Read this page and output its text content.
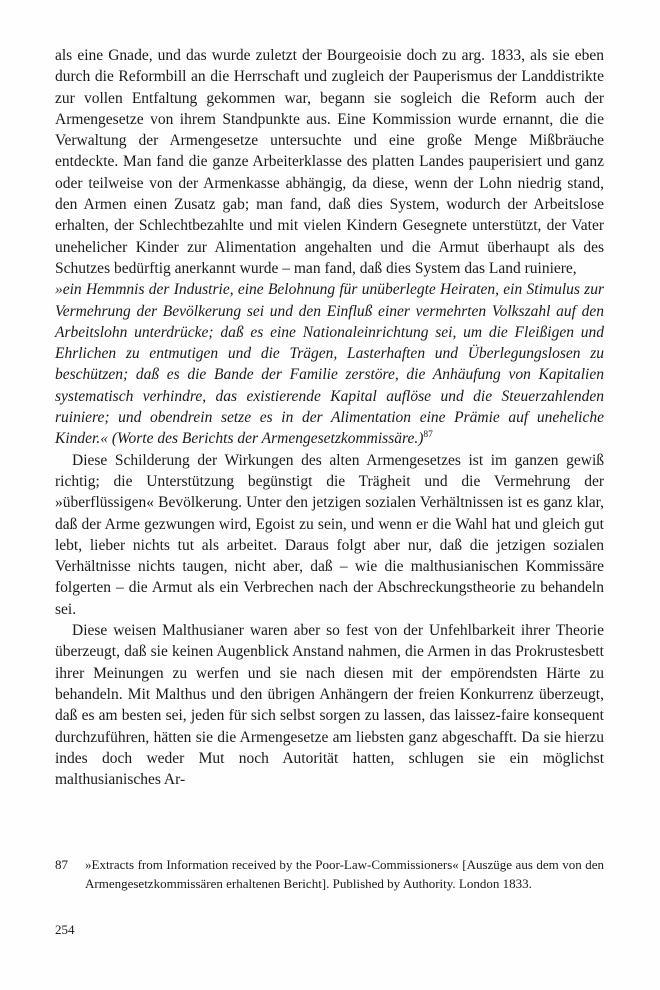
als eine Gnade, und das wurde zuletzt der Bourgeoisie doch zu arg. 1833, als sie eben durch die Reformbill an die Herrschaft und zugleich der Pauperismus der Landdistrikte zur vollen Entfaltung gekommen war, begann sie sogleich die Reform auch der Armengesetze von ihrem Standpunkte aus. Eine Kommission wurde ernannt, die die Verwaltung der Armengesetze untersuchte und eine große Menge Mißbräuche entdeckte. Man fand die ganze Arbeiterklasse des platten Landes pauperisiert und ganz oder teilweise von der Armenkasse abhängig, da diese, wenn der Lohn niedrig stand, den Armen einen Zusatz gab; man fand, daß dies System, wodurch der Arbeitslose erhalten, der Schlechtbezahlte und mit vielen Kindern Gesegnete unterstützt, der Vater unehelicher Kinder zur Alimentation angehalten und die Armut überhaupt als des Schutzes bedürftig anerkannt wurde – man fand, daß dies System das Land ruiniere,

»ein Hemmnis der Industrie, eine Belohnung für unüberlegte Heiraten, ein Stimulus zur Vermehrung der Bevölkerung sei und den Einfluß einer vermehrten Volkszahl auf den Arbeitslohn unterdrücke; daß es eine Nationaleinrichtung sei, um die Fleißigen und Ehrlichen zu entmutigen und die Trägen, Lasterhaften und Überlegungslosen zu beschützen; daß es die Bande der Familie zerstöre, die Anhäufung von Kapitalien systematisch verhindre, das existierende Kapital auflöse und die Steuerzahlenden ruiniere; und obendrein setze es in der Alimentation eine Prämie auf uneheliche Kinder.« (Worte des Berichts der Armengesetzkommissäre.)$^{87}$

Diese Schilderung der Wirkungen des alten Armengesetzes ist im ganzen gewiß richtig; die Unterstützung begünstigt die Trägheit und die Vermehrung der »überflüssigen« Bevölkerung. Unter den jetzigen sozialen Verhältnissen ist es ganz klar, daß der Arme gezwungen wird, Egoist zu sein, und wenn er die Wahl hat und gleich gut lebt, lieber nichts tut als arbeitet. Daraus folgt aber nur, daß die jetzigen sozialen Verhältnisse nichts taugen, nicht aber, daß – wie die malthusianischen Kommissäre folgerten – die Armut als ein Verbrechen nach der Abschreckungstheorie zu behandeln sei.

Diese weisen Malthusianer waren aber so fest von der Unfehlbarkeit ihrer Theorie überzeugt, daß sie keinen Augenblick Anstand nahmen, die Armen in das Prokrustesbett ihrer Meinungen zu werfen und sie nach diesen mit der empörendsten Härte zu behandeln. Mit Malthus und den übrigen Anhängern der freien Konkurrenz überzeugt, daß es am besten sei, jeden für sich selbst sorgen zu lassen, das laissez-faire konsequent durchzuführen, hätten sie die Armengesetze am liebsten ganz abgeschafft. Da sie hierzu indes doch weder Mut noch Autorität hatten, schlugen sie ein möglichst malthusianisches Ar-

87	»Extracts from Information received by the Poor-Law-Commissioners« [Auszüge aus dem von den Armengesetzkommissären erhaltenen Bericht]. Published by Authority. London 1833.
254
